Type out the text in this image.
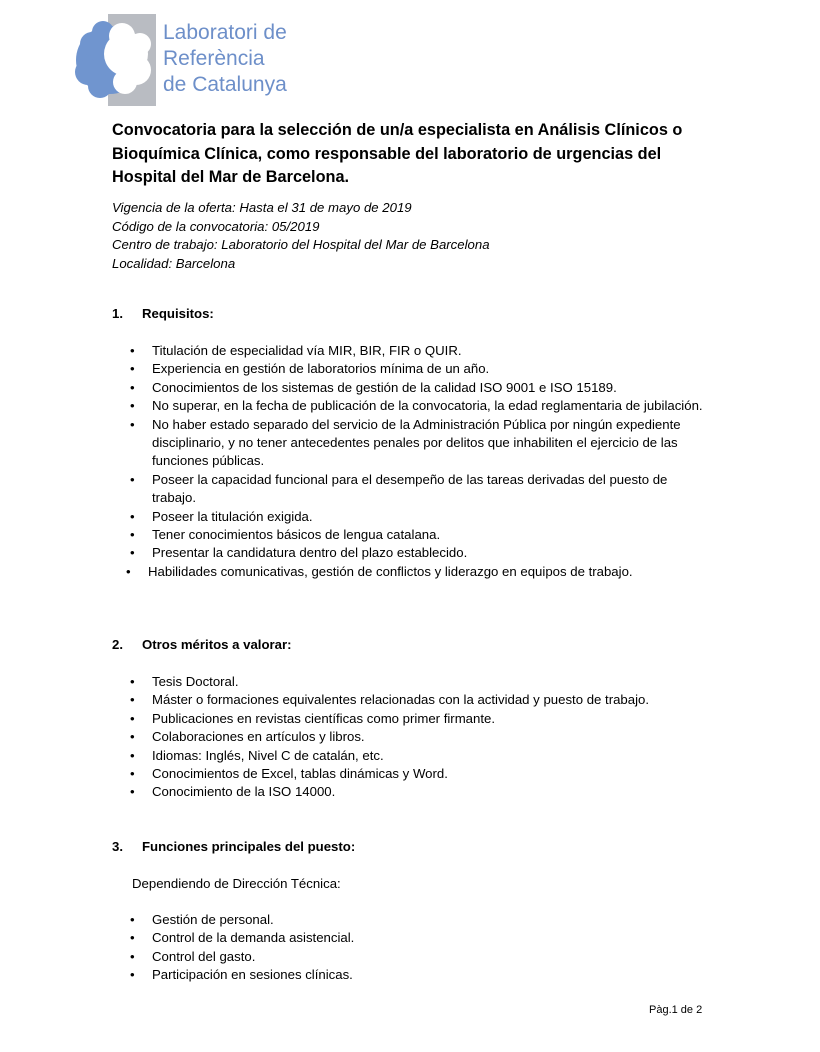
Laboratori de
Referència
de Catalunya
Convocatoria para la selección de un/a especialista en Análisis Clínicos o Bioquímica Clínica, como responsable del laboratorio de urgencias del Hospital del Mar de Barcelona.
Vigencia de la oferta: Hasta el 31 de mayo de 2019
Código de la convocatoria: 05/2019
Centro de trabajo: Laboratorio del Hospital del Mar de Barcelona
Localidad: Barcelona
1. Requisitos:
• Titulación de especialidad vía MIR, BIR, FIR o QUIR.
• Experiencia en gestión de laboratorios mínima de un año.
• Conocimientos de los sistemas de gestión de la calidad ISO 9001 e ISO 15189.
• No superar, en la fecha de publicación de la convocatoria, la edad reglamentaria de jubilación.
• No haber estado separado del servicio de la Administración Pública por ningún expediente disciplinario, y no tener antecedentes penales por delitos que inhabiliten el ejercicio de las funciones públicas.
• Poseer la capacidad funcional para el desempeño de las tareas derivadas del puesto de trabajo.
• Poseer la titulación exigida.
• Tener conocimientos básicos de lengua catalana.
• Presentar la candidatura dentro del plazo establecido.
• Habilidades comunicativas, gestión de conflictos y liderazgo en equipos de trabajo.
2. Otros méritos a valorar:
• Tesis Doctoral.
• Máster o formaciones equivalentes relacionadas con la actividad y puesto de trabajo.
• Publicaciones en revistas científicas como primer firmante.
• Colaboraciones en artículos y libros.
• Idiomas: Inglés, Nivel C de catalán, etc.
• Conocimientos de Excel, tablas dinámicas y Word.
• Conocimiento de la ISO 14000.
3. Funciones principales del puesto:
Dependiendo de Dirección Técnica:
• Gestión de personal.
• Control de la demanda asistencial.
• Control del gasto.
• Participación en sesiones clínicas.
Pàg.1 de 2
